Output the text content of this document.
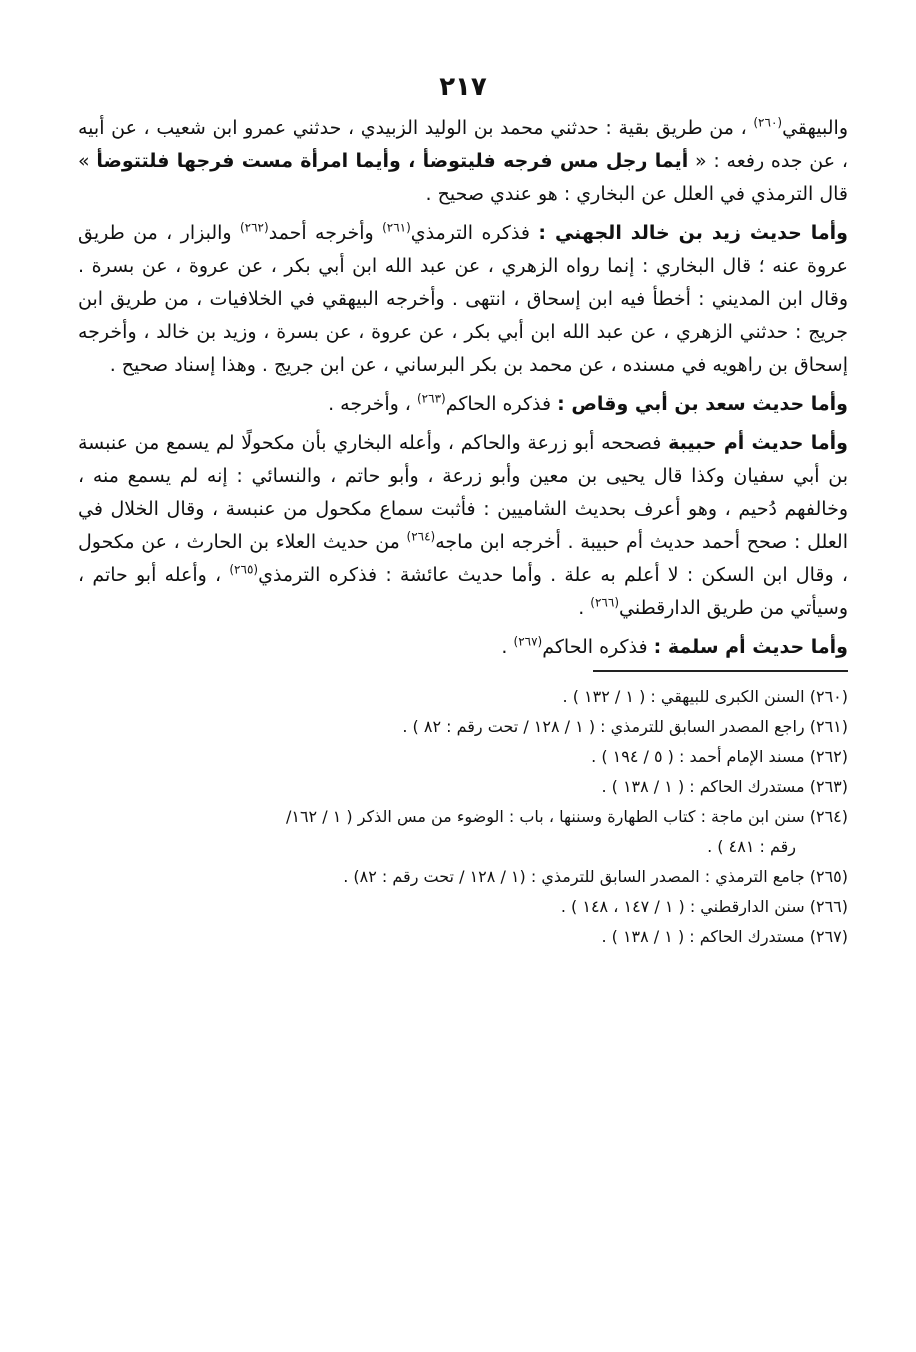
٢١٧

والبيهقي$^{(٢٦٠)}$ ، من طريق بقية : حدثني محمد بن الوليد الزبيدي ، حدثني عمرو ابن شعيب ، عن أبيه ، عن جده رفعه : « أيما رجل مس فرجه فليتوضأ ، وأيما امرأة مست فرجها فلتتوضأ » قال الترمذي في العلل عن البخاري : هو عندي صحيح .

وأما حديث زيد بن خالد الجهني : فذكره الترمذي$^{(٢٦١)}$ وأخرجه أحمد$^{(٢٦٢)}$ والبزار ، من طريق عروة عنه ؛ قال البخاري : إنما رواه الزهري ، عن عبد الله ابن أبي بكر ، عن عروة ، عن بسرة . وقال ابن المديني : أخطأ فيه ابن إسحاق ، انتهى . وأخرجه البيهقي في الخلافيات ، من طريق ابن جريج : حدثني الزهري ، عن عبد الله ابن أبي بكر ، عن عروة ، عن بسرة ، وزيد بن خالد ، وأخرجه إسحاق بن راهويه في مسنده ، عن محمد بن بكر البرساني ، عن ابن جريج . وهذا إسناد صحيح .

وأما حديث سعد بن أبي وقاص : فذكره الحاكم$^{(٢٦٣)}$ ، وأخرجه .

وأما حديث أم حبيبة فصححه أبو زرعة والحاكم ، وأعله البخاري بأن مكحولًا لم يسمع من عنبسة بن أبي سفيان وكذا قال يحيى بن معين وأبو زرعة ، وأبو حاتم ، والنسائي : إنه لم يسمع منه ، وخالفهم دُحيم ، وهو أعرف بحديث الشاميين : فأثبت سماع مكحول من عنبسة ، وقال الخلال في العلل : صحح أحمد حديث أم حبيبة . أخرجه ابن ماجه$^{(٢٦٤)}$ من حديث العلاء بن الحارث ، عن مكحول ، وقال ابن السكن : لا أعلم به علة . وأما حديث عائشة : فذكره الترمذي$^{(٢٦٥)}$ ، وأعله أبو حاتم ، وسيأتي من طريق الدارقطني$^{(٢٦٦)}$ .

وأما حديث أم سلمة : فذكره الحاكم$^{(٢٦٧)}$ .

(٢٦٠) السنن الكبرى للبيهقي : ( ١ / ١٣٢ ) .
(٢٦١) راجع المصدر السابق للترمذي : ( ١ / ١٢٨ / تحت رقم : ٨٢ ) .
(٢٦٢) مسند الإمام أحمد : ( ٥ / ١٩٤ ) .
(٢٦٣) مستدرك الحاكم : ( ١ / ١٣٨ ) .
(٢٦٤) سنن ابن ماجة : كتاب الطهارة وسننها ، باب : الوضوء من مس الذكر ( ١ / ١٦٢/
رقم : ٤٨١ ) .
(٢٦٥) جامع الترمذي : المصدر السابق للترمذي : (١ / ١٢٨ / تحت رقم : ٨٢) .
(٢٦٦) سنن الدارقطني : ( ١ / ١٤٧ ، ١٤٨ ) .
(٢٦٧) مستدرك الحاكم : ( ١ / ١٣٨ ) .
